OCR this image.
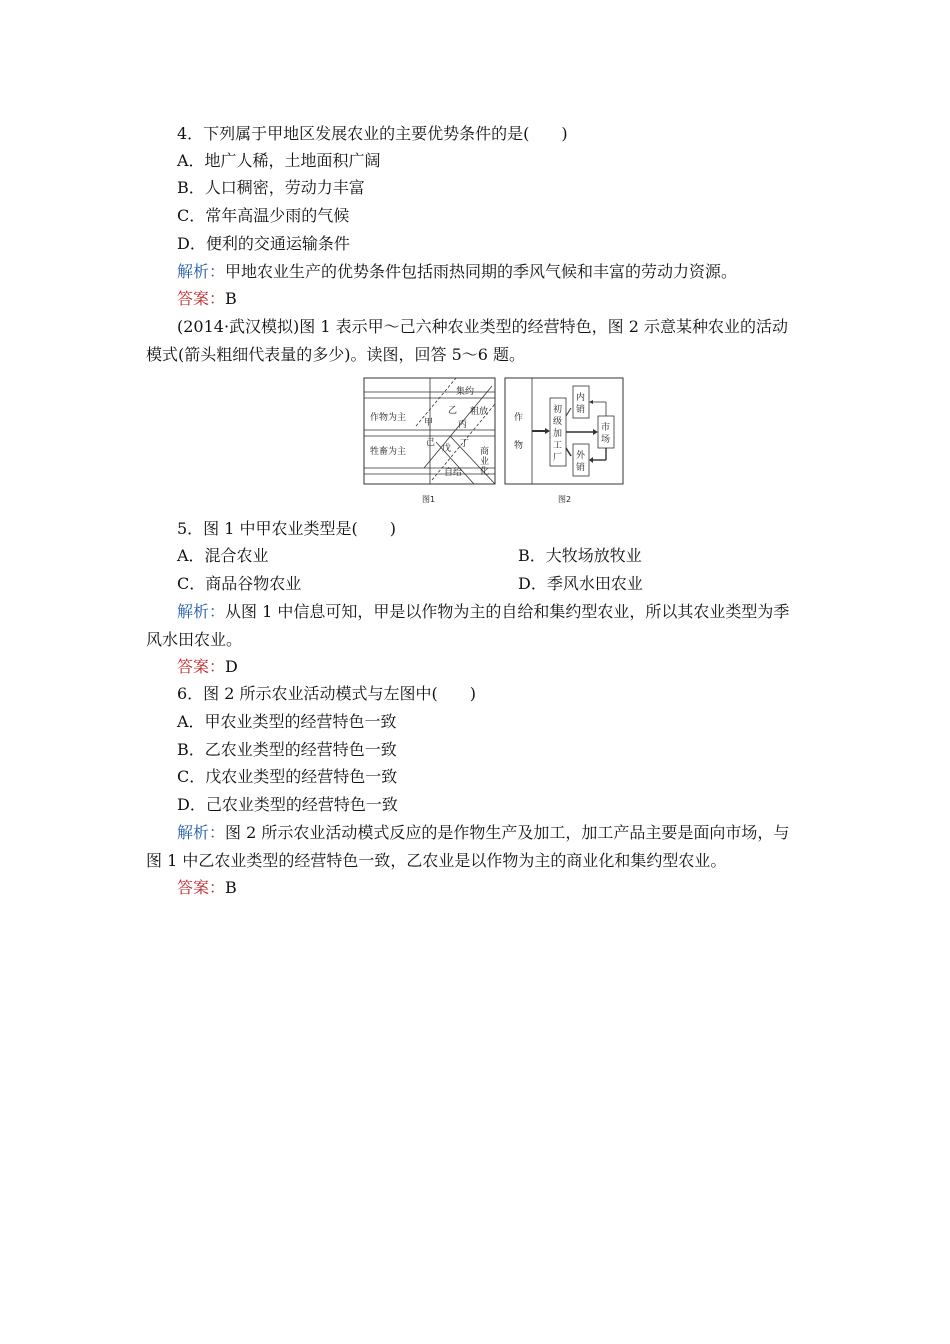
4．下列属于甲地区发展农业的主要优势条件的是(　　)
A．地广人稀，土地面积广阔
B．人口稠密，劳动力丰富
C．常年高温少雨的气候
D．便利的交通运输条件
解析：甲地农业生产的优势条件包括雨热同期的季风气候和丰富的劳动力资源。
答案：B
(2014·武汉模拟)图 1 表示甲～己六种农业类型的经营特色，图 2 示意某种农业的活动
模式(箭头粗细代表量的多少)。读图，回答 5～6 题。
集约
粗放
作物为主
牲畜为主
甲
乙
丙
己
戊 丁
自给
商
业
化
图1
作
物
初
级
加
工
厂
内
销
外
销
市
场
图2
5．图 1 中甲农业类型是(　　)
A．混合农业	B．大牧场放牧业
C．商品谷物农业	D．季风水田农业
解析：从图 1 中信息可知，甲是以作物为主的自给和集约型农业，所以其农业类型为季
风水田农业。
答案：D
6．图 2 所示农业活动模式与左图中(　　)
A．甲农业类型的经营特色一致
B．乙农业类型的经营特色一致
C．戊农业类型的经营特色一致
D．己农业类型的经营特色一致
解析：图 2 所示农业活动模式反应的是作物生产及加工，加工产品主要是面向市场，与
图 1 中乙农业类型的经营特色一致，乙农业是以作物为主的商业化和集约型农业。
答案：B
